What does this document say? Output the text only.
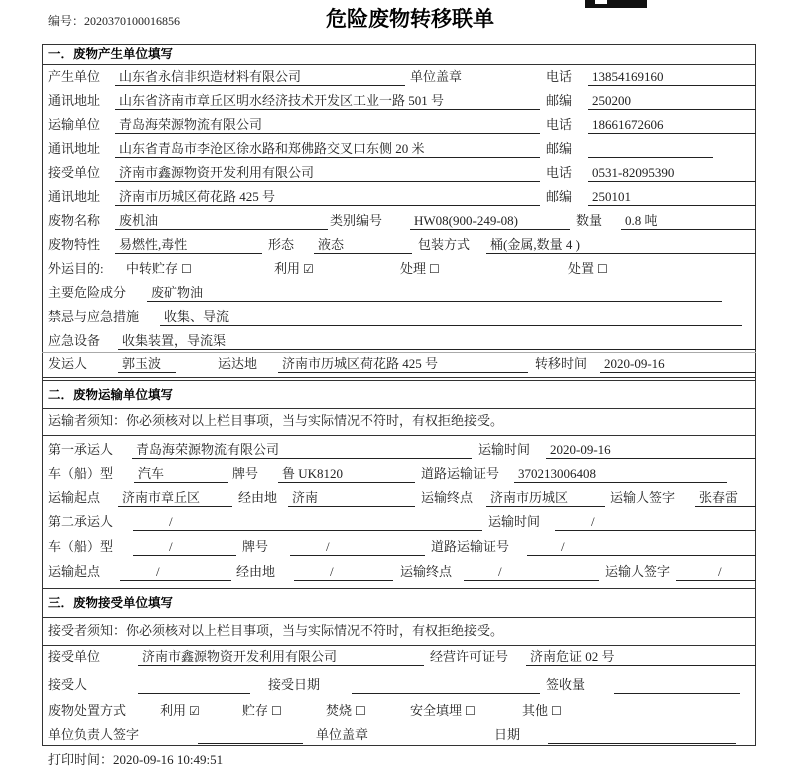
编号： 2020370100016856	危险废物转移联单
一．废物产生单位填写
产生单位	山东省永信非织造材料有限公司	单位盖章	电话	13854169160
通讯地址	山东省济南市章丘区明水经济技术开发区工业一路 501 号	邮编	250200
运输单位	青岛海荣源物流有限公司	电话	18661672606
通讯地址	山东省青岛市李沧区徐水路和郑佛路交叉口东侧 20 米	邮编
接受单位	济南市鑫源物资开发利用有限公司	电话	0531-82095390
通讯地址	济南市历城区荷花路 425 号	邮编	250101
废物名称	废机油	类别编号	HW08(900-249-08)	数量	0.8 吨
废物特性	易燃性,毒性	形态	液态	包装方式	桶(金属,数量 4 )
外运目的: 中转贮存 ☐	利用 ☑	处理 ☐	处置 ☐
主要危险成分	废矿物油
禁忌与应急措施	收集、导流
应急设备	收集装置，导流渠
发运人	郭玉波	运达地	济南市历城区荷花路 425 号	转移时间	2020-09-16
二．废物运输单位填写
运输者须知：你必须核对以上栏目事项，当与实际情况不符时，有权拒绝接受。
第一承运人	青岛海荣源物流有限公司	运输时间	2020-09-16
车（船）型	汽车	牌号	鲁 UK8120	道路运输证号	370213006408
运输起点	济南市章丘区	经由地	济南	运输终点	济南市历城区	运输人签字	张春雷
第二承运人	/	运输时间	/
车（船）型	/	牌号	/	道路运输证号	/
运输起点	/	经由地	/	运输终点	/	运输人签字	/
三．废物接受单位填写
接受者须知：你必须核对以上栏目事项，当与实际情况不符时，有权拒绝接受。
接受单位	济南市鑫源物资开发利用有限公司	经营许可证号	济南危证 02 号
接受人	接受日期	签收量
废物处置方式	利用 ☑	贮存 ☐	焚烧 ☐	安全填埋 ☐	其他 ☐
单位负责人签字	单位盖章	日期
打印时间：2020-09-16 10:49:51
